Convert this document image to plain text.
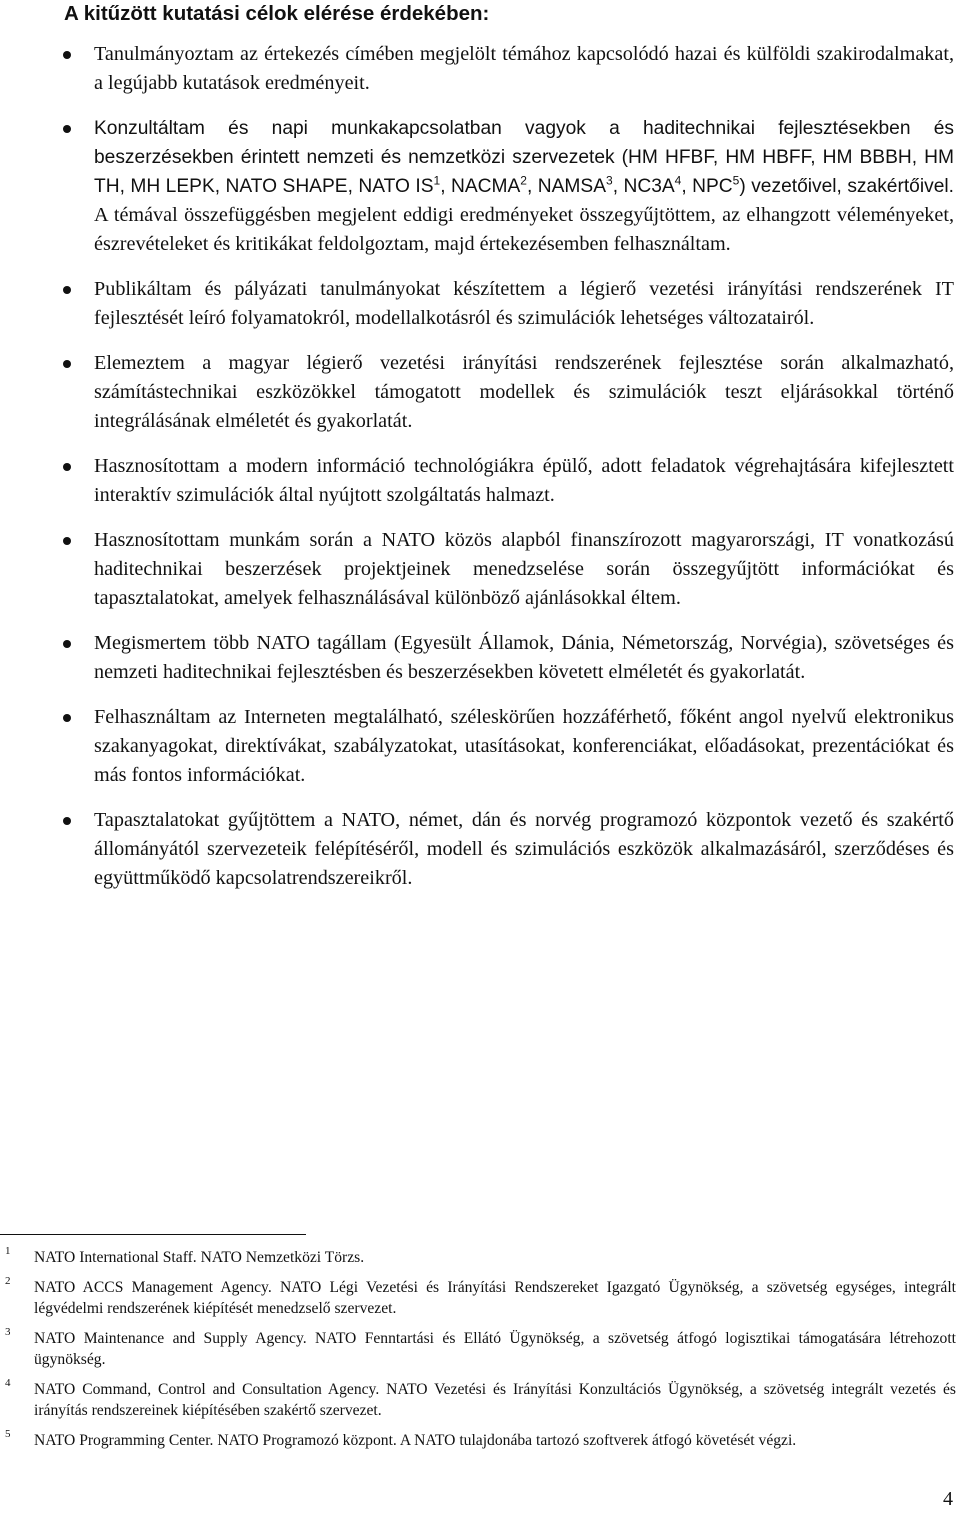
A kitűzött kutatási célok elérése érdekében:
Tanulmányoztam az értekezés címében megjelölt témához kapcsolódó hazai és külföldi szakirodalmakat, a legújabb kutatások eredményeit.
Konzultáltam és napi munkakapcsolatban vagyok a haditechnikai fejlesztésekben és beszerzésekben érintett nemzeti és nemzetközi szervezetek (HM HFBF, HM HBFF, HM BBBH, HM TH, MH LEPK, NATO SHAPE, NATO $IS^1$, NACMA$^2$, NAMSA$^3$, $NC3A^4$, NPC$^5$) vezetőivel, szakértőivel. A témával összefüggésben megjelent eddigi eredményeket összegyűjtöttem, az elhangzott véleményeket, észrevételeket és kritikákat feldolgoztam, majd értekezésemben felhasználtam.
Publikáltam és pályázati tanulmányokat készítettem a légierő vezetési irányítási rendszerének IT fejlesztését leíró folyamatokról, modellalkotásról és szimulációk lehetséges változatairól.
Elemeztem a magyar légierő vezetési irányítási rendszerének fejlesztése során alkalmazható, számítástechnikai eszközökkel támogatott modellek és szimulációk teszt eljárásokkal történő integrálásának elméletét és gyakorlatát.
Hasznosítottam a modern információ technológiákra épülő, adott feladatok végrehajtására kifejlesztett interaktív szimulációk által nyújtott szolgáltatás halmazt.
Hasznosítottam munkám során a NATO közös alapból finanszírozott magyarországi, IT vonatkozású haditechnikai beszerzések projektjeinek menedzselése során összegyűjtött információkat és tapasztalatokat, amelyek felhasználásával különböző ajánlásokkal éltem.
Megismertem több NATO tagállam (Egyesült Államok, Dánia, Németország, Norvégia), szövetséges és nemzeti haditechnikai fejlesztésben és beszerzésekben követett elméletét és gyakorlatát.
Felhasználtam az Interneten megtalálható, széleskörűen hozzáférhető, főként angol nyelvű elektronikus szakanyagokat, direktívákat, szabályzatokat, utasításokat, konferenciákat, előadásokat, prezentációkat és más fontos információkat.
Tapasztalatokat gyűjtöttem a NATO, német, dán és norvég programozó központok vezető és szakértő állományától szervezeteik felépítéséről, modell és szimulációs eszközök alkalmazásáról, szerződéses és együttműködő kapcsolatrendszereikről.
1 NATO International Staff. NATO Nemzetközi Törzs.
2 NATO ACCS Management Agency. NATO Légi Vezetési és Irányítási Rendszereket Igazgató Ügynökség, a szövetség egységes, integrált légvédelmi rendszerének kiépítését menedzselő szervezet.
3 NATO Maintenance and Supply Agency. NATO Fenntartási és Ellátó Ügynökség, a szövetség átfogó logisztikai támogatására létrehozott ügynökség.
4 NATO Command, Control and Consultation Agency. NATO Vezetési és Irányítási Konzultációs Ügynökség, a szövetség integrált vezetés és irányítás rendszereinek kiépítésében szakértő szervezet.
5 NATO Programming Center. NATO Programozó központ. A NATO tulajdonába tartozó szoftverek átfogó követését végzi.
4
